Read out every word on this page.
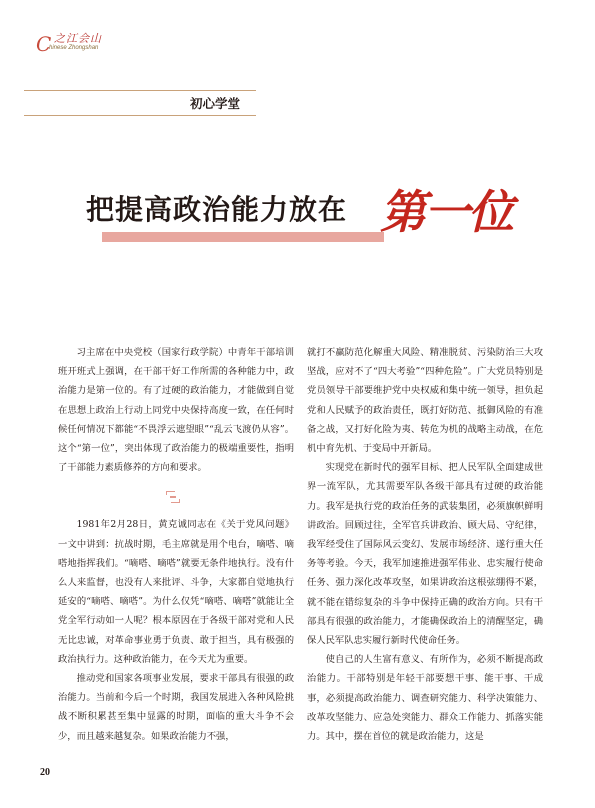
C 之江会山
hinese Zhongshan
初心学堂
把提高政治能力放在 第一位

习主席在中央党校（国家行政学院）中青年干部培训班开班式上强调，在干部干好工作所需的各种能力中，政治能力是第一位的。有了过硬的政治能力，才能做到自觉在思想上政治上行动上同党中央保持高度一致，在任何时候任何情况下都能“不畏浮云遮望眼”“乱云飞渡仍从容”。这个“第一位”，突出体现了政治能力的极端重要性，指明了干部能力素质修养的方向和要求。

1981年2月28日，黄克诚同志在《关于党风问题》一文中讲到：抗战时期，毛主席就是用个电台，嘀嗒、嘀嗒地指挥我们。“嘀嗒、嘀嗒”就要无条件地执行。没有什么人来监督，也没有人来批评、斗争，大家都自觉地执行延安的“嘀嗒、嘀嗒”。为什么仅凭“嘀嗒、嘀嗒”就能让全党全军行动如一人呢？根本原因在于各级干部对党和人民无比忠诚，对革命事业勇于负责、敢于担当，具有极强的政治执行力。这种政治能力，在今天尤为重要。

推动党和国家各项事业发展，要求干部具有很强的政治能力。当前和今后一个时期，我国发展进入各种风险挑战不断积累甚至集中显露的时期，面临的重大斗争不会少，而且越来越复杂。如果政治能力不强，

就打不赢防范化解重大风险、精准脱贫、污染防治三大攻坚战，应对不了“四大考验”“四种危险”。广大党员特别是党员领导干部要维护党中央权威和集中统一领导，担负起党和人民赋予的政治责任，既打好防范、抵御风险的有准备之战，又打好化险为夷、转危为机的战略主动战，在危机中育先机、于变局中开新局。

实现党在新时代的强军目标、把人民军队全面建成世界一流军队，尤其需要军队各级干部具有过硬的政治能力。我军是执行党的政治任务的武装集团，必须旗帜鲜明讲政治。回顾过往，全军官兵讲政治、顾大局、守纪律，我军经受住了国际风云变幻、发展市场经济、遂行重大任务等考验。今天，我军加速推进强军伟业、忠实履行使命任务、强力深化改革攻坚，如果讲政治这根弦绷得不紧，就不能在错综复杂的斗争中保持正确的政治方向。只有干部具有很强的政治能力，才能确保政治上的清醒坚定，确保人民军队忠实履行新时代使命任务。

使自己的人生富有意义、有所作为，必须不断提高政治能力。干部特别是年轻干部要想干事、能干事、干成事，必须提高政治能力、调查研究能力、科学决策能力、改革攻坚能力、应急处突能力、群众工作能力、抓落实能力。其中，摆在首位的就是政治能力，这是

20
